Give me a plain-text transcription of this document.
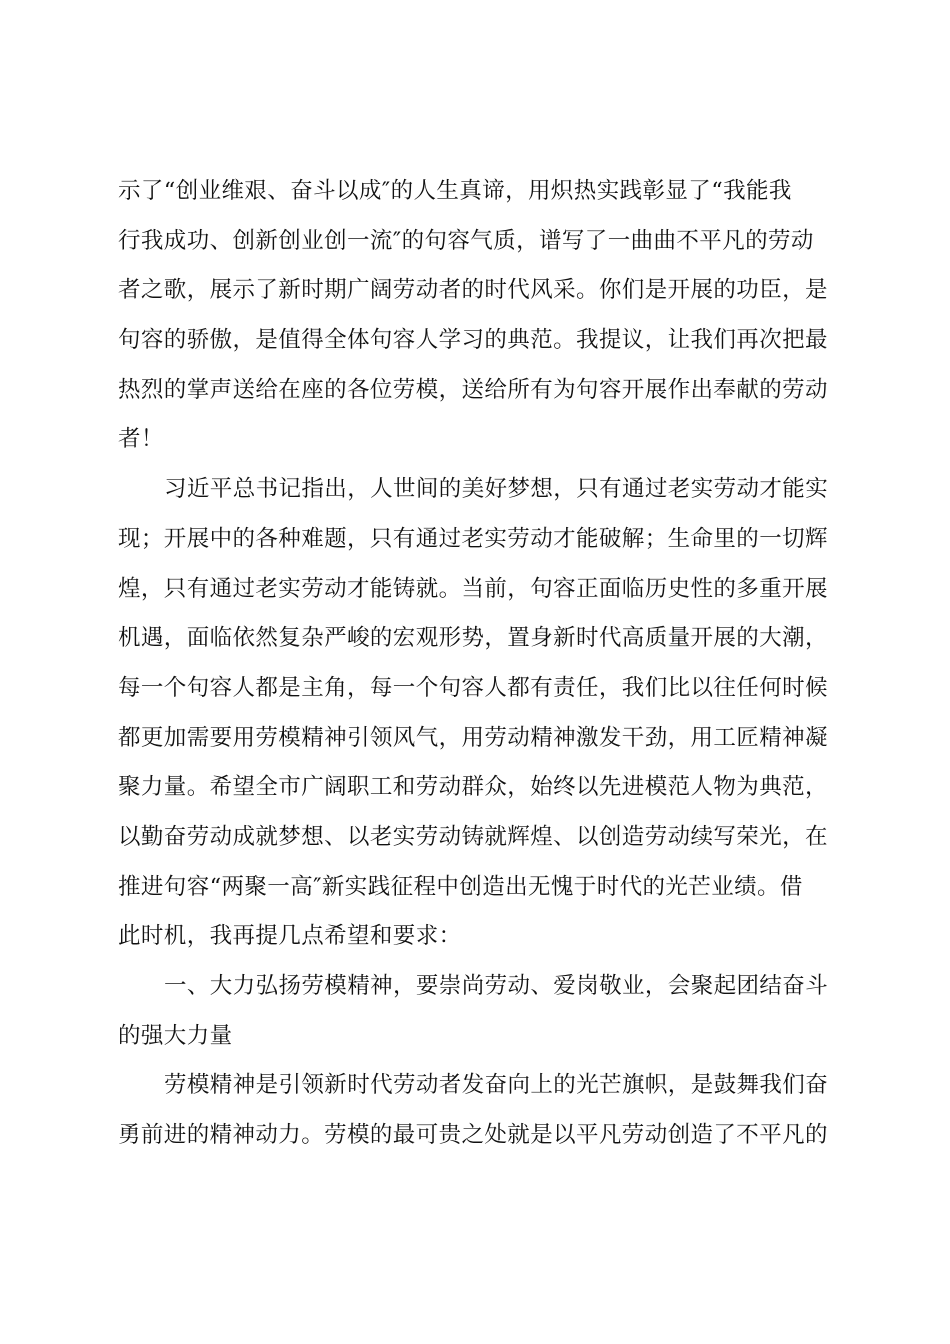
示了“创业维艰、奋斗以成″的人生真谛，用炽热实践彰显了“我能我
行我成功、创新创业创一流″的句容气质，谱写了一曲曲不平凡的劳动
者之歌，展示了新时期广阔劳动者的时代风采。你们是开展的功臣，是
句容的骄傲，是值得全体句容人学习的典范。我提议，让我们再次把最
热烈的掌声送给在座的各位劳模，送给所有为句容开展作出奉献的劳动
者！
习近平总书记指出，人世间的美好梦想，只有通过老实劳动才能实
现；开展中的各种难题，只有通过老实劳动才能破解；生命里的一切辉
煌，只有通过老实劳动才能铸就。当前，句容正面临历史性的多重开展
机遇，面临依然复杂严峻的宏观形势，置身新时代高质量开展的大潮，
每一个句容人都是主角，每一个句容人都有责任，我们比以往任何时候
都更加需要用劳模精神引领风气，用劳动精神激发干劲，用工匠精神凝
聚力量。希望全市广阔职工和劳动群众，始终以先进模范人物为典范，
以勤奋劳动成就梦想、以老实劳动铸就辉煌、以创造劳动续写荣光，在
推进句容“两聚一高″新实践征程中创造出无愧于时代的光芒业绩。借
此时机，我再提几点希望和要求：
一、大力弘扬劳模精神，要崇尚劳动、爱岗敬业，会聚起团结奋斗
的强大力量
劳模精神是引领新时代劳动者发奋向上的光芒旗帜，是鼓舞我们奋
勇前进的精神动力。劳模的最可贵之处就是以平凡劳动创造了不平凡的
